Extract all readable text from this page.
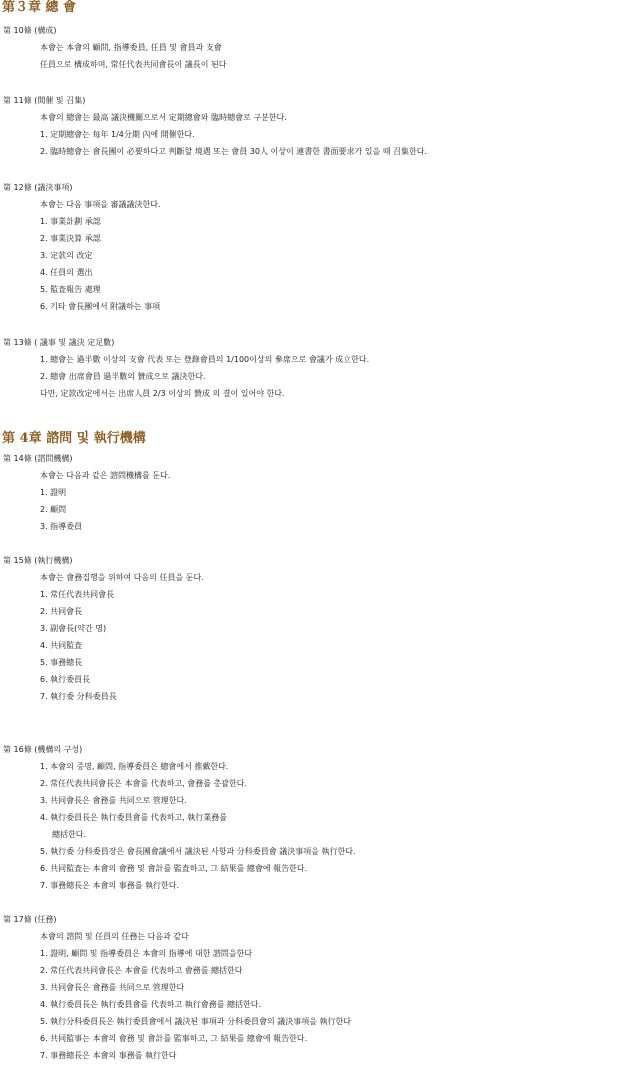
第３章 總 會
第 10條 (構成)
本會는 本會의 顧問, 指導委員, 任員 및 會員과 支會
任員으로 構成하며, 常任代表共同會長이 議長이 된다
第 11條 (開催 및 召集)
本會의 總會는 最高 議決機關으로서 定期總會와 臨時總會로 구분한다.
1. 定期總會는 每年 1/4分期 內에 開催한다.
2. 臨時總會는 會長團이 必要하다고 判斷할 境遇 또는 會員 30人 이상이 連書한 書面要求가 있을 때 召集한다.
第 12條 (議決事項)
本會는 다음 事項을 審議議決한다.
1. 事業計劃 承認
2. 事業決算 承認
3. 定款의 改定
4. 任員의 選出
5. 監査報告 處理
6. 기타 會長團에서 附議하는 事項
第 13條 ( 議事 및 議決 定足數)
1. 總會는 過半數 이상의 支會 代表 또는 登錄會員의 1/100이상의 參席으로 會議가 成立한다.
2. 總會 出席會員 過半數의 贊成으로 議決한다.
다만, 定款改定에서는 出席人員 2/3 이상의 贊成 의 결이 있어야 한다.
第 4章 諮問 및 執行機構
第 14條 (諮問機構)
本會는 다음과 같은 諮問機構를 둔다.
1. 證明
2. 顧問
3. 指導委員
第 15條 (執行機構)
本會는 會務집행을 위하여 다음의 任員을 둔다.
1. 常任代表共同會長
2. 共同會長
3. 副會長(약간 명)
4. 共同監査
5. 事務總長
6. 執行委員長
7. 執行委 分科委員長
第 16條 (機構의 구성)
1. 本會의 증명, 顧問, 指導委員은 總會에서 推戴한다.
2. 常任代表共同會長은 本會를 代表하고, 會務를 총괄한다.
3. 共同會長은 會務를 共同으로 管理한다.
4. 執行委員長은 執行委員會를 代表하고, 執行業務를
總括한다.
5. 執行委 分科委員장은 會長團會議에서 議決된 사항과 分科委員會 議決事項을 執行한다.
6. 共同監査는 本會의 會務 및 會計를 監査하고, 그 結果를 總會에 報告한다.
7. 事務總長은 本會의 事務를 執行한다.
第 17條 (任務)
本會의 諮問 및 任員의 任務는 다음과 같다
1. 證明, 顧問 및 指導委員은 本會의 指導에 대한 諮問을한다
2. 常任代表共同會長은 本會를 代表하고 會務를 總括한다
3. 共同會長은 會務를 共同으로 管理한다
4. 執行委員長은 執行委員會를 代表하고 執行會務를 總括한다.
5. 執行分科委員長은 執行委員會에서 議決된 事項과 分科委員會의 議決事項을 執行한다
6. 共同監事는 本會의 會務 및 會計를 監事하고, 그 結果를 總會에 報告한다.
7. 事務總長은 本會의 事務를 執行한다
